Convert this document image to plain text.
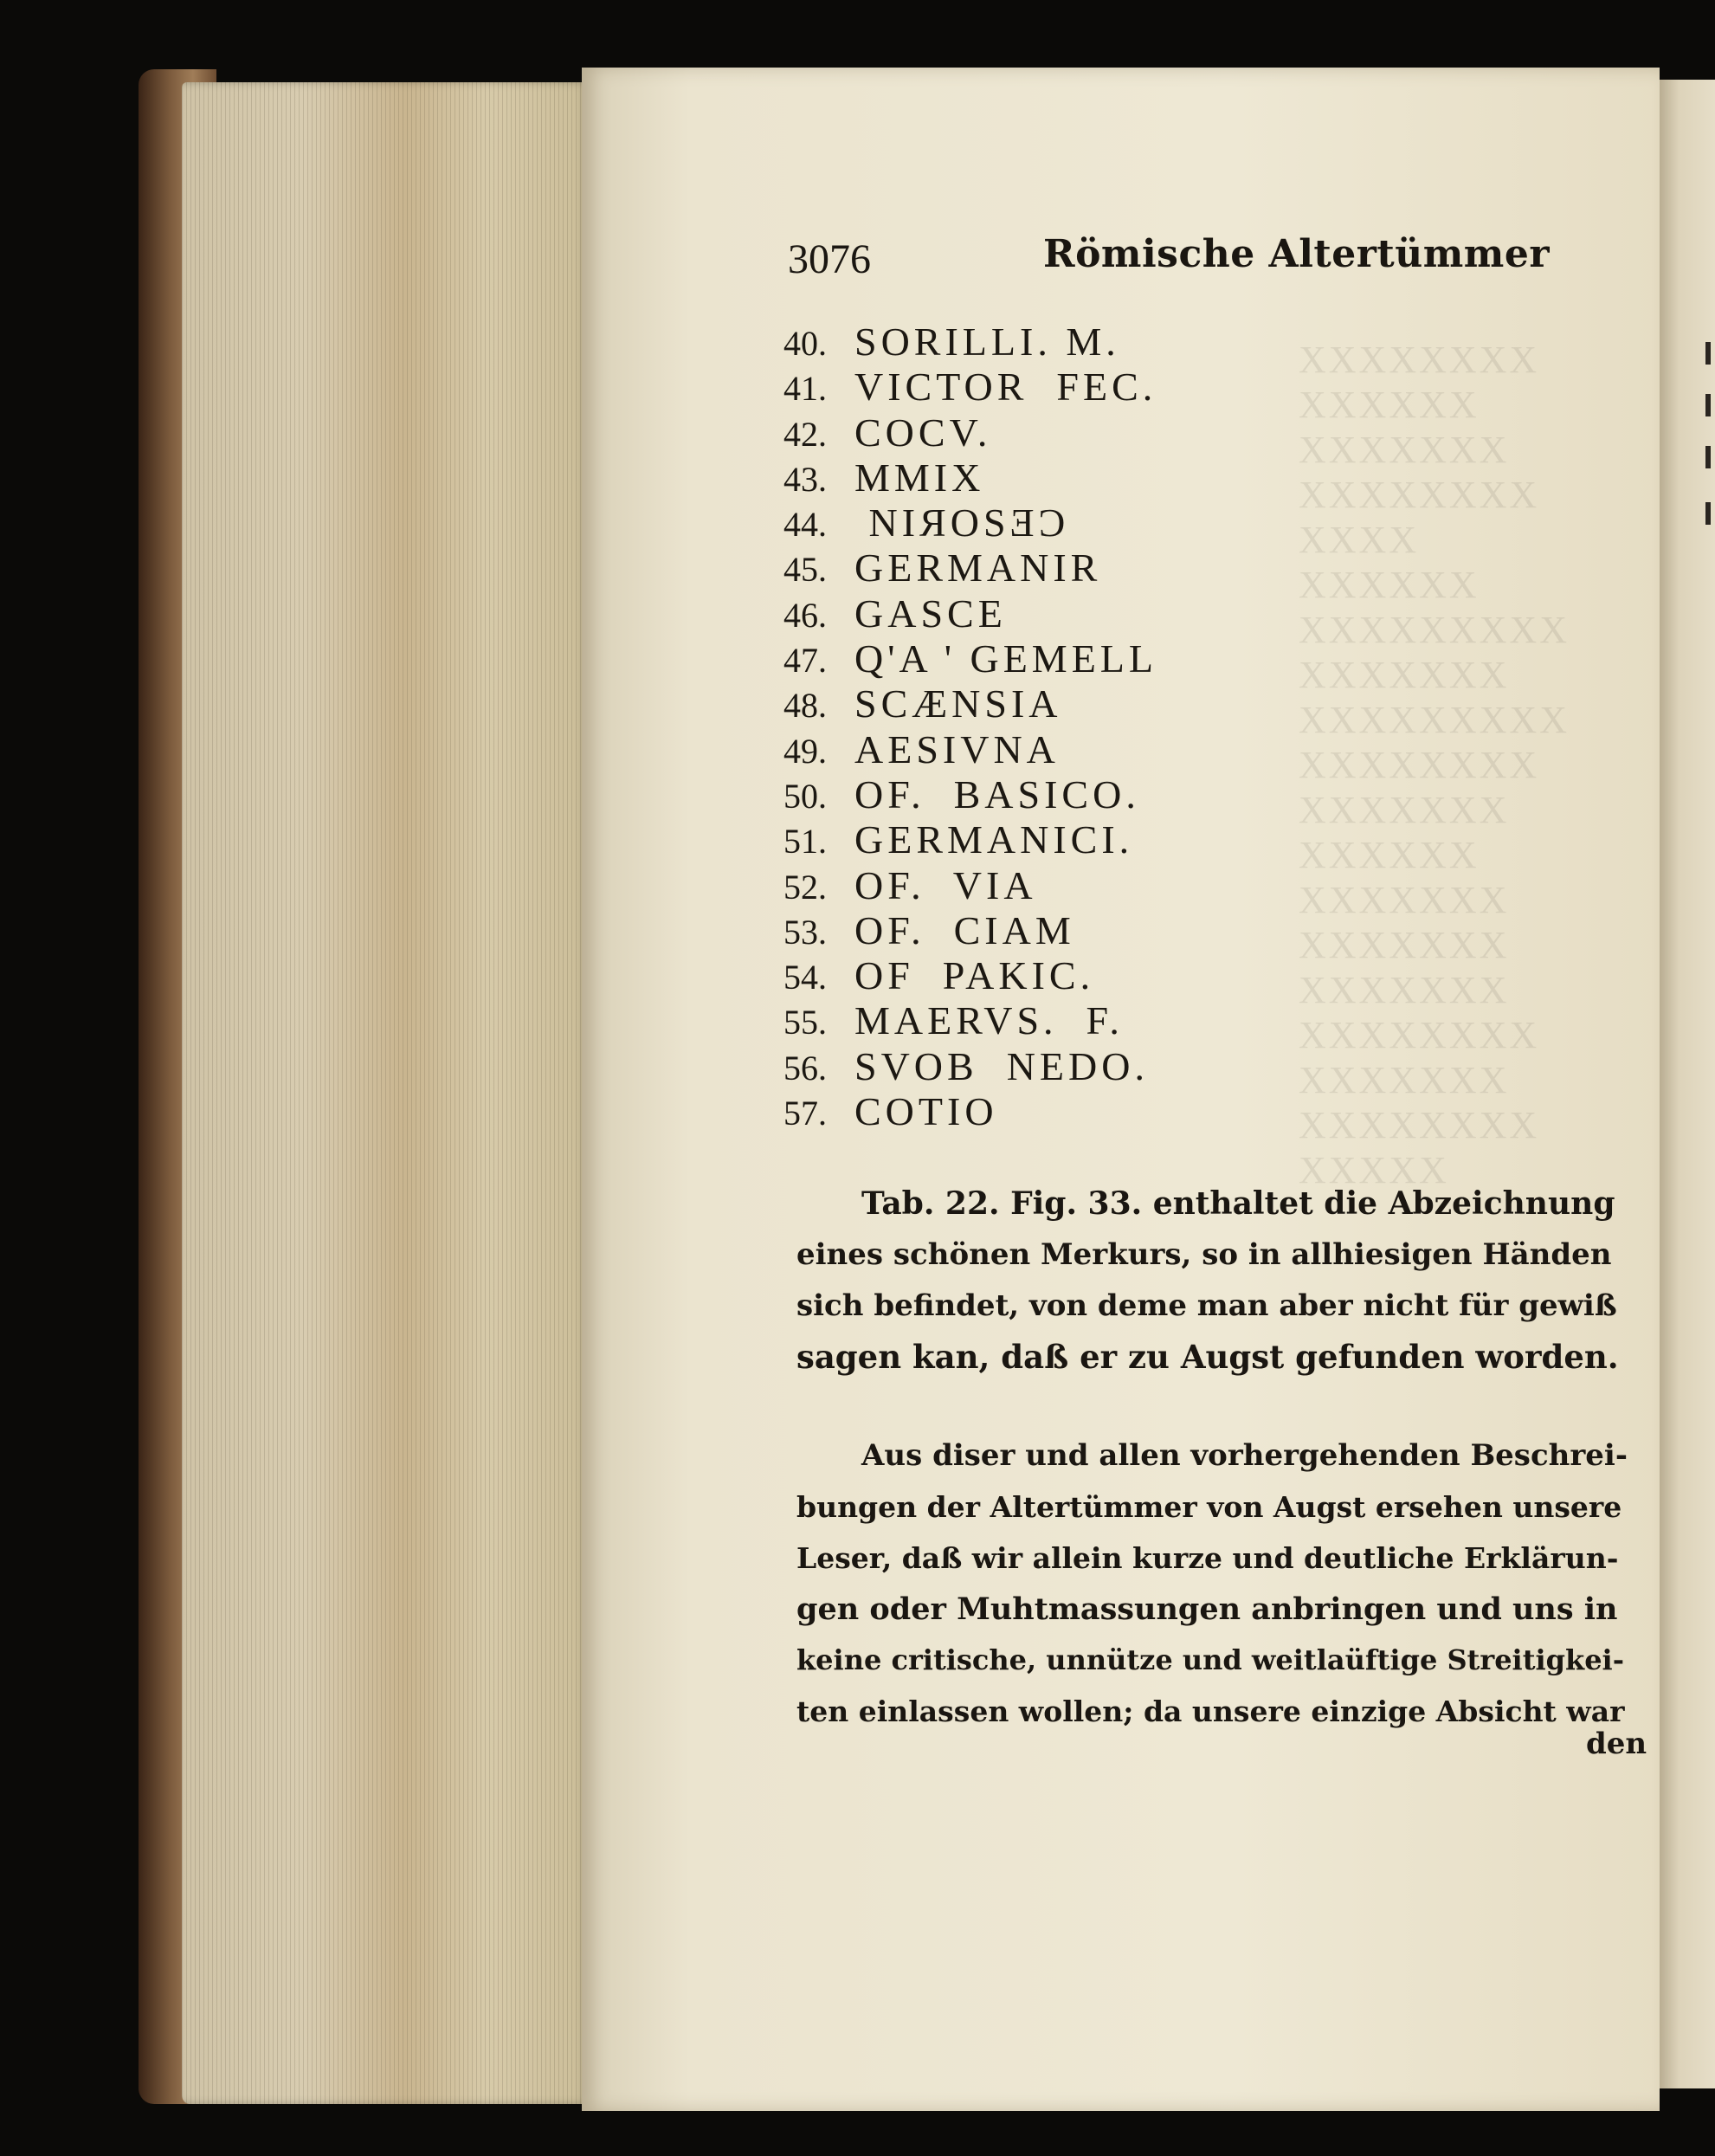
XXXXXXXX
XXXXXX
XXXXXXX
XXXXXXXX
XXXX
XXXXXX
XXXXXXXXX
XXXXXXX
XXXXXXXXX
XXXXXXXX
XXXXXXX
XXXXXX
XXXXXXX
XXXXXXX
XXXXXXX
XXXXXXXX
XXXXXXX
XXXXXXXX
XXXXX
3076	Römische Altertümmer
40. SORILLI. M.
41. VICTOR  FEC.
42. COCV.
43. MMIX
44. NIЯOSƎƆ
45. GERMANIR
46. GASCE
47. Q'A ' GEMELL
48. SCÆNSIA
49. AESIVNA
50. OF.  BASICO.
51. GERMANICI.
52. OF.  VIA
53. OF.  CIAM
54. OF  PAKIC.
55. MAERVS.  F.
56. SVOB  NEDO.
57. COTIO
Tab. 22. Fig. 33. enthaltet die Abzeichnung
eines schönen Merkurs, so in allhiesigen Händen
sich befindet, von deme man aber nicht für gewiß
sagen kan, daß er zu Augst gefunden worden.
Aus diser und allen vorhergehenden Beschrei-
bungen der Altertümmer von Augst ersehen unsere
Leser, daß wir allein kurze und deutliche Erklärun-
gen oder Muhtmassungen anbringen und uns in
keine critische, unnütze und weitlaüftige Streitigkei-
ten einlassen wollen; da unsere einzige Absicht war
den
